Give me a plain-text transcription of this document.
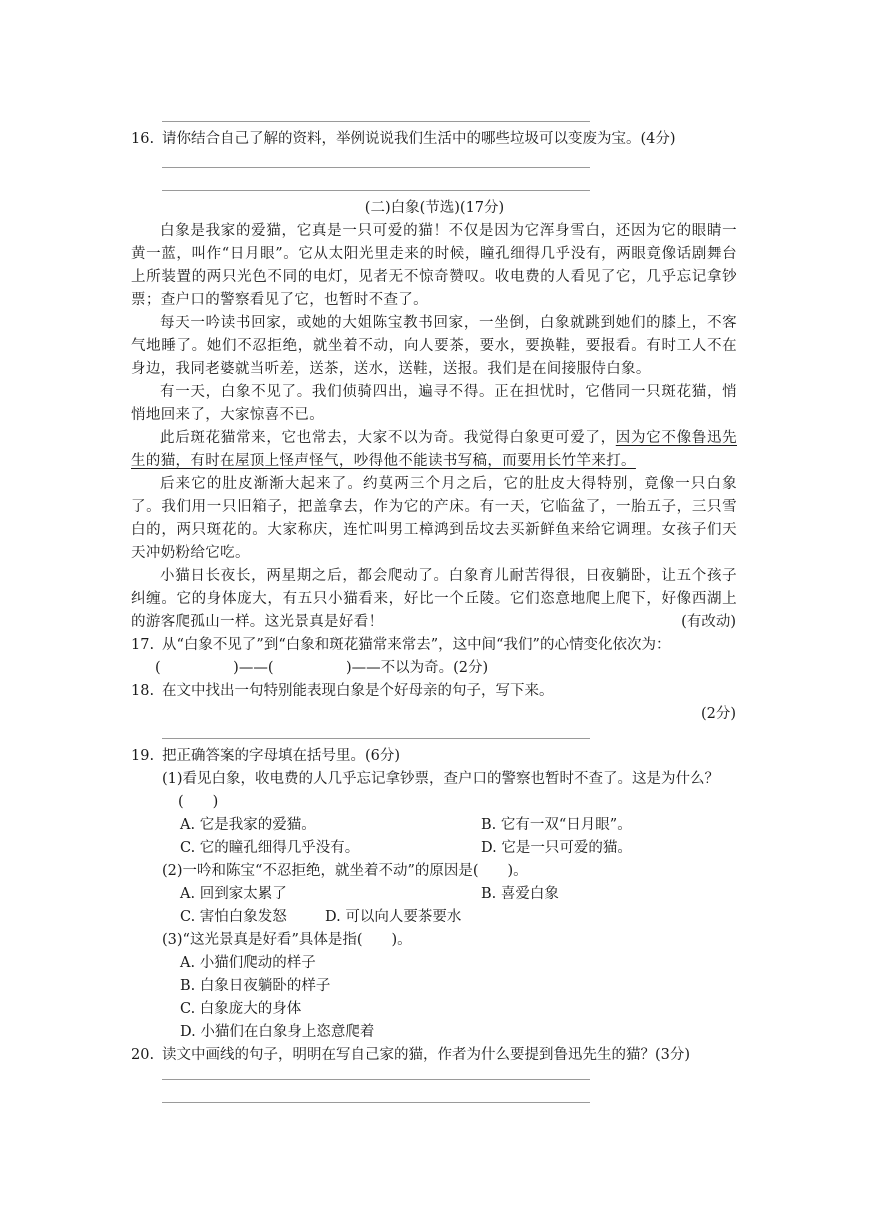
16. 请你结合自己了解的资料，举例说说我们生活中的哪些垃圾可以变废为宝。(4分)
(二)白象(节选)(17分)
白象是我家的爱猫，它真是一只可爱的猫！不仅是因为它浑身雪白，还因为它的眼睛一黄一蓝，叫作“日月眼”。它从太阳光里走来的时候，瞳孔细得几乎没有，两眼竟像话剧舞台上所装置的两只光色不同的电灯，见者无不惊奇赞叹。收电费的人看见了它，几乎忘记拿钞票；查户口的警察看见了它，也暂时不查了。
每天一吟读书回家，或她的大姐陈宝教书回家，一坐倒，白象就跳到她们的膝上，不客气地睡了。她们不忍拒绝，就坐着不动，向人要茶，要水，要换鞋，要报看。有时工人不在身边，我同老婆就当听差，送茶，送水，送鞋，送报。我们是在间接服侍白象。
有一天，白象不见了。我们侦骑四出，遍寻不得。正在担忧时，它偕同一只斑花猫，悄悄地回来了，大家惊喜不已。
此后斑花猫常来，它也常去，大家不以为奇。我觉得白象更可爱了，因为它不像鲁迅先生的猫，有时在屋顶上怪声怪气，吵得他不能读书写稿，而要用长竹竿来打。
后来它的肚皮渐渐大起来了。约莫两三个月之后，它的肚皮大得特别，竟像一只白象了。我们用一只旧箱子，把盖拿去，作为它的产床。有一天，它临盆了，一胎五子，三只雪白的，两只斑花的。大家称庆，连忙叫男工樟鸿到岳坟去买新鲜鱼来给它调理。女孩子们天天冲奶粉给它吃。
小猫日长夜长，两星期之后，都会爬动了。白象育儿耐苦得很，日夜躺卧，让五个孩子纠缠。它的身体庞大，有五只小猫看来，好比一个丘陵。它们恣意地爬上爬下，好像西湖上的游客爬孤山一样。这光景真是好看！	(有改动)
17. 从“白象不见了”到“白象和斑花猫常来常去”，这中间“我们”的心情变化依次为：
(　　　　　)——(　　　　　)——不以为奇。(2分)
18. 在文中找出一句特别能表现白象是个好母亲的句子，写下来。
(2分)
19. 把正确答案的字母填在括号里。(6分)
(1)看见白象，收电费的人几乎忘记拿钞票，查户口的警察也暂时不查了。这是为什么？
(　　)
A. 它是我家的爱猫。	B. 它有一双“日月眼”。
C. 它的瞳孔细得几乎没有。	D. 它是一只可爱的猫。
(2)一吟和陈宝“不忍拒绝，就坐着不动”的原因是(　　)。
A. 回到家太累了	B. 喜爱白象
C. 害怕白象发怒	D. 可以向人要茶要水
(3)“这光景真是好看”具体是指(　　)。
A. 小猫们爬动的样子
B. 白象日夜躺卧的样子
C. 白象庞大的身体
D. 小猫们在白象身上恣意爬着
20. 读文中画线的句子，明明在写自己家的猫，作者为什么要提到鲁迅先生的猫？(3分)
